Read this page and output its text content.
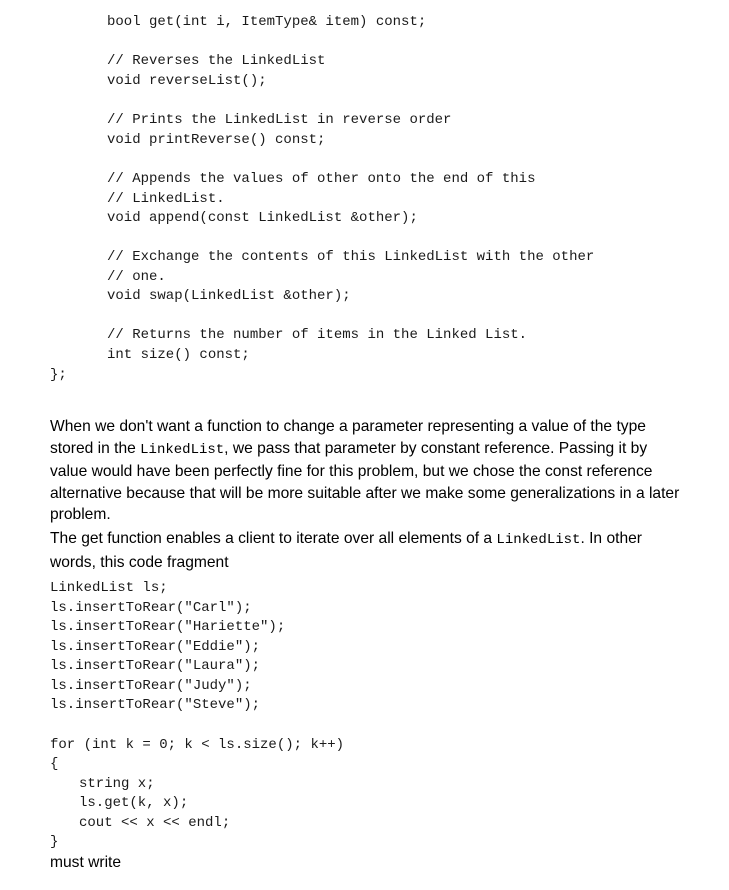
bool get(int i, ItemType& item) const;
// Reverses the LinkedList
void reverseList();
// Prints the LinkedList in reverse order
void printReverse() const;
// Appends the values of other onto the end of this
// LinkedList.
void append(const LinkedList &other);
// Exchange the contents of this LinkedList with the other
// one.
void swap(LinkedList &other);
// Returns the number of items in the Linked List.
int size() const;
};

When we don't want a function to change a parameter representing a value of the type stored in the LinkedList, we pass that parameter by constant reference. Passing it by value would have been perfectly fine for this problem, but we chose the const reference alternative because that will be more suitable after we make some generalizations in a later problem.

The get function enables a client to iterate over all elements of a LinkedList. In other words, this code fragment

LinkedList ls;
ls.insertToRear("Carl");
ls.insertToRear("Hariette");
ls.insertToRear("Eddie");
ls.insertToRear("Laura");
ls.insertToRear("Judy");
ls.insertToRear("Steve");
for (int k = 0; k < ls.size(); k++)
{
string x;
ls.get(k, x);
cout << x << endl;
}

must write
